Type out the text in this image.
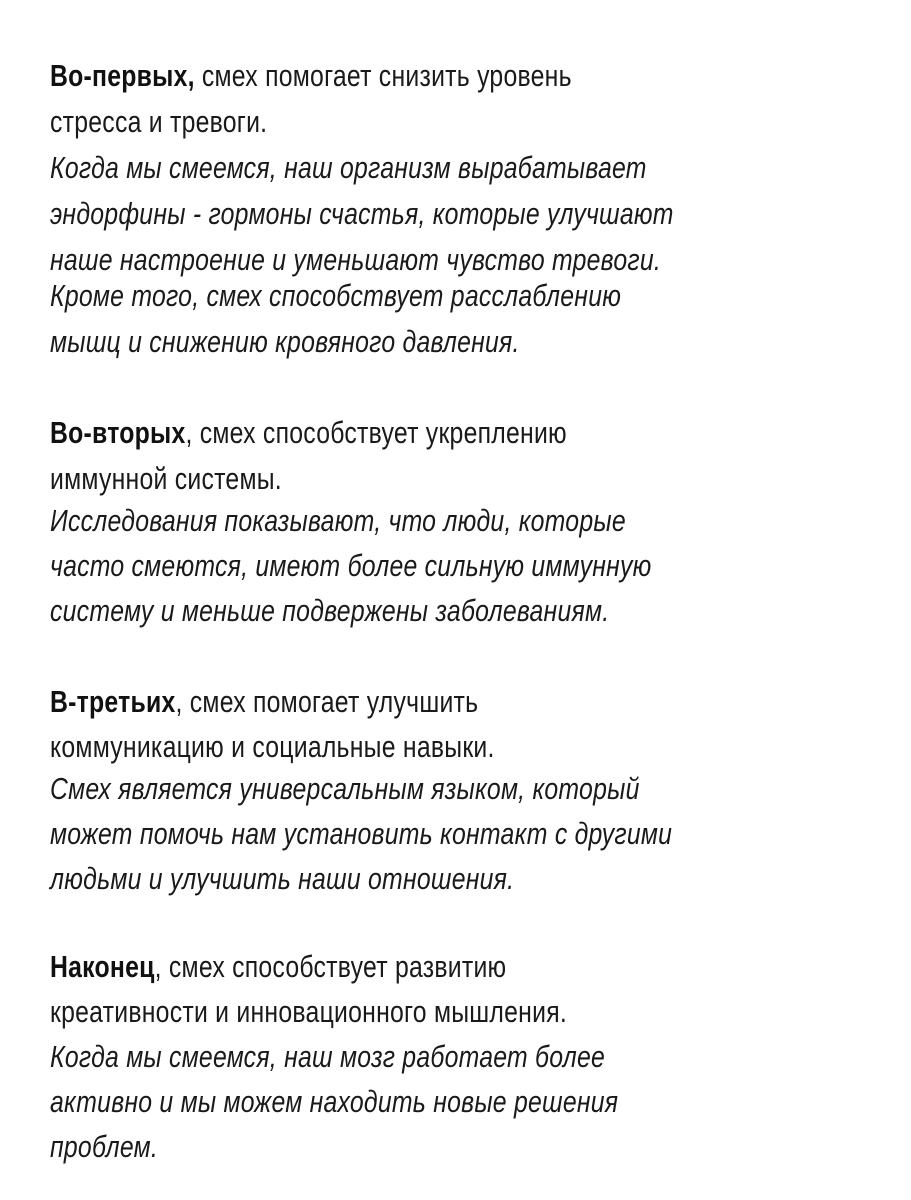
Во-первых, смех помогает снизить уровень
стресса и тревоги.
Когда мы смеемся, наш организм вырабатывает
эндорфины - гормоны счастья, которые улучшают
наше настроение и уменьшают чувство тревоги.
Кроме того, смех способствует расслаблению
мышц и снижению кровяного давления.
Во-вторых, смех способствует укреплению
иммунной системы.
Исследования показывают, что люди, которые
часто смеются, имеют более сильную иммунную
систему и меньше подвержены заболеваниям.
В-третьих, смех помогает улучшить
коммуникацию и социальные навыки.
Смех является универсальным языком, который
может помочь нам установить контакт с другими
людьми и улучшить наши отношения.
Наконец, смех способствует развитию
креативности и инновационного мышления.
Когда мы смеемся, наш мозг работает более
активно и мы можем находить новые решения
проблем.
